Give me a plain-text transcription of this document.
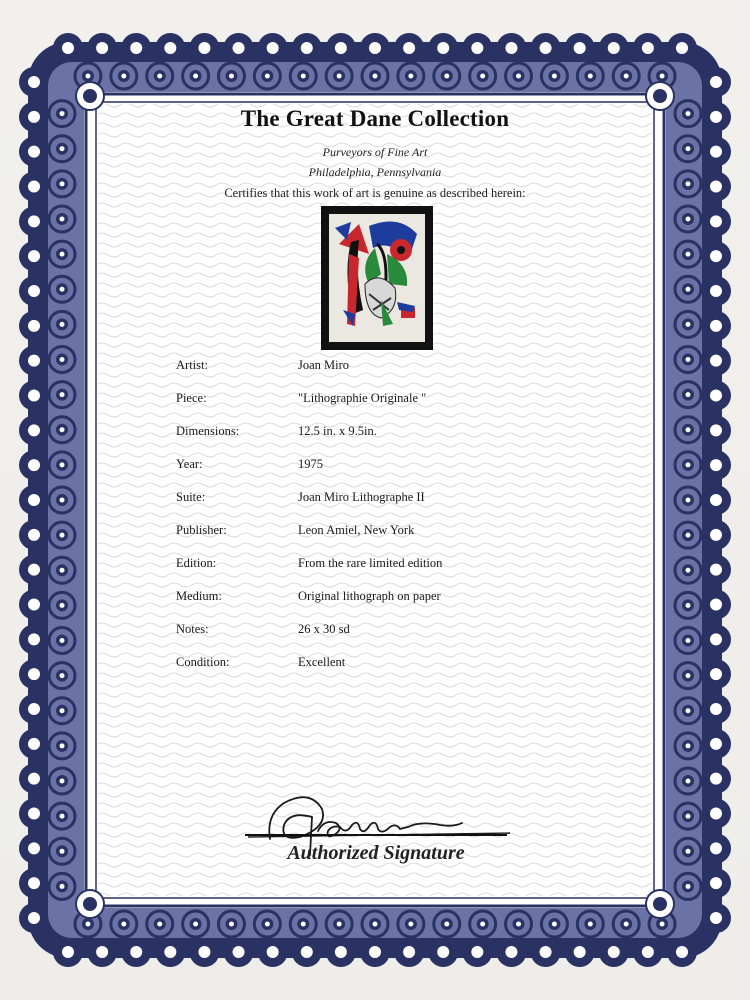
The Great Dane Collection
Purveyors of Fine Art
Philadelphia, Pennsylvania
Certifies that this work of art is genuine as described herein:
Artist:	Joan Miro
Piece:	"Lithographie Originale "
Dimensions:	12.5 in. x 9.5in.
Year:	1975
Suite:	Joan Miro Lithographe II
Publisher:	Leon Amiel, New York
Edition:	From the rare limited edition
Medium:	Original lithograph on paper
Notes:	26 x 30 sd
Condition:	Excellent
Authorized Signature
